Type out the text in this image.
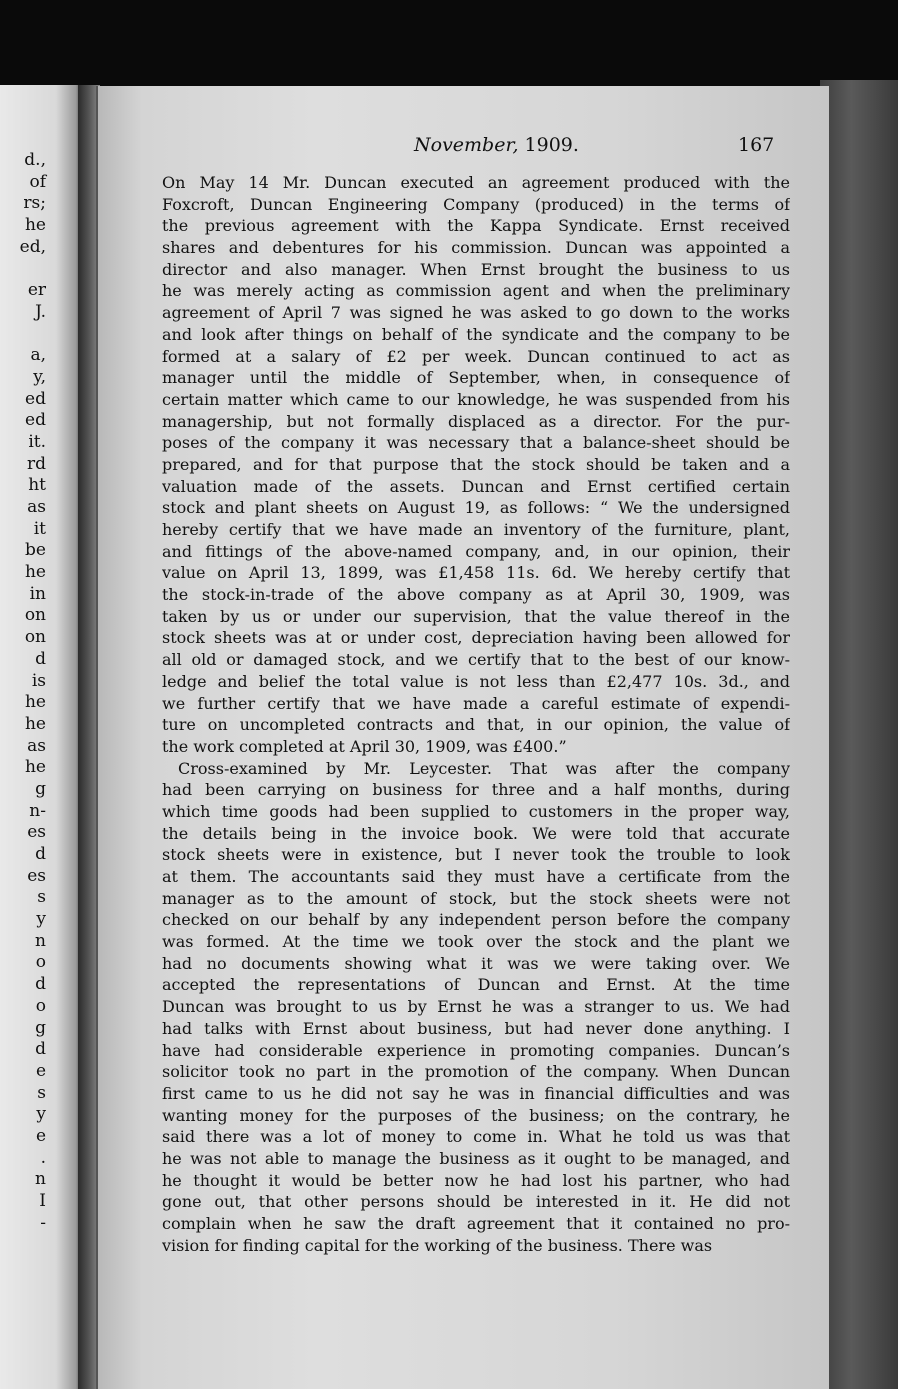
d.,
of
rs;
he
ed,
er
J.
a,
y,
ed
ed
it.
rd
ht
as
it
be
he
in
on
on
d
is
he
he
as
he
g
n-
es
d
es
s
y
n
o
d
o
g
d
e
s
y
e
.
n
I
-
November, 1909.	167
On May 14 Mr. Duncan executed an agreement produced with the
Foxcroft, Duncan Engineering Company (produced) in the terms of
the previous agreement with the Kappa Syndicate. Ernst received
shares and debentures for his commission. Duncan was appointed a
director and also manager. When Ernst brought the business to us
he was merely acting as commission agent and when the preliminary
agreement of April 7 was signed he was asked to go down to the works
and look after things on behalf of the syndicate and the company to be
formed at a salary of £2 per week. Duncan continued to act as
manager until the middle of September, when, in consequence of
certain matter which came to our knowledge, he was suspended from his
managership, but not formally displaced as a director. For the pur-
poses of the company it was necessary that a balance-sheet should be
prepared, and for that purpose that the stock should be taken and a
valuation made of the assets. Duncan and Ernst certified certain
stock and plant sheets on August 19, as follows: “ We the undersigned
hereby certify that we have made an inventory of the furniture, plant,
and fittings of the above-named company, and, in our opinion, their
value on April 13, 1899, was £1,458 11s. 6d. We hereby certify that
the stock-in-trade of the above company as at April 30, 1909, was
taken by us or under our supervision, that the value thereof in the
stock sheets was at or under cost, depreciation having been allowed for
all old or damaged stock, and we certify that to the best of our know-
ledge and belief the total value is not less than £2,477 10s. 3d., and
we further certify that we have made a careful estimate of expendi-
ture on uncompleted contracts and that, in our opinion, the value of
the work completed at April 30, 1909, was £400.”
Cross-examined by Mr. Leycester. That was after the company
had been carrying on business for three and a half months, during
which time goods had been supplied to customers in the proper way,
the details being in the invoice book. We were told that accurate
stock sheets were in existence, but I never took the trouble to look
at them. The accountants said they must have a certificate from the
manager as to the amount of stock, but the stock sheets were not
checked on our behalf by any independent person before the company
was formed. At the time we took over the stock and the plant we
had no documents showing what it was we were taking over. We
accepted the representations of Duncan and Ernst. At the time
Duncan was brought to us by Ernst he was a stranger to us. We had
had talks with Ernst about business, but had never done anything. I
have had considerable experience in promoting companies. Duncan’s
solicitor took no part in the promotion of the company. When Duncan
first came to us he did not say he was in financial difficulties and was
wanting money for the purposes of the business; on the contrary, he
said there was a lot of money to come in. What he told us was that
he was not able to manage the business as it ought to be managed, and
he thought it would be better now he had lost his partner, who had
gone out, that other persons should be interested in it. He did not
complain when he saw the draft agreement that it contained no pro-
vision for finding capital for the working of the business. There was
